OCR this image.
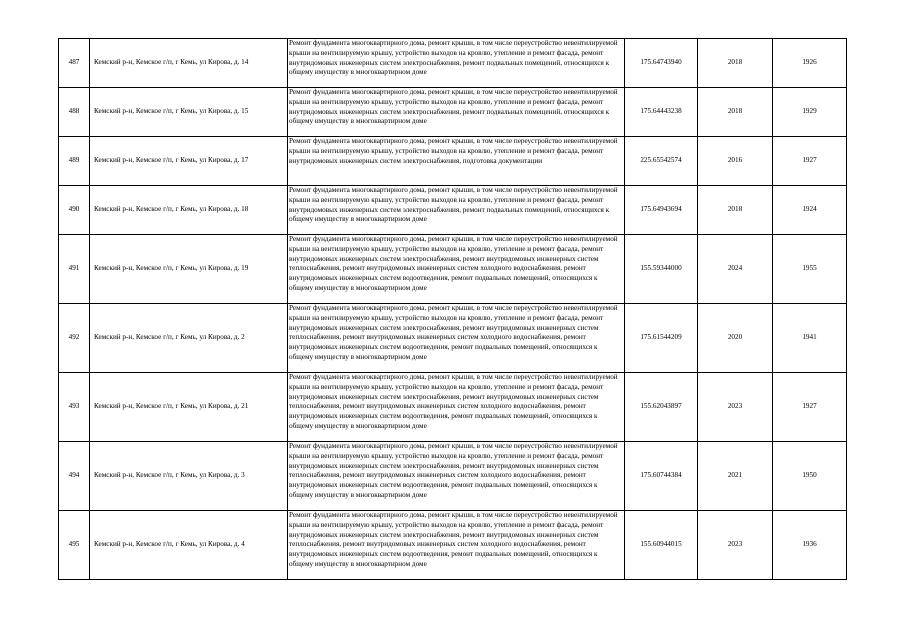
487	Кемский р-н, Кемское г/п, г Кемь, ул Кирова, д. 14	Ремонт фундамента многоквартирного дома, ремонт крыши, в том числе переустройство невентилируемой крыши на вентилируемую крышу, устройство выходов на кровлю, утепление и ремонт фасада, ремонт внутридомовых инженерных систем электроснабжения, ремонт подвальных помещений, относящихся к общему имуществу в многоквартирном доме	175.64743940	2018	1926
488	Кемский р-н, Кемское г/п, г Кемь, ул Кирова, д. 15	Ремонт фундамента многоквартирного дома, ремонт крыши, в том числе переустройство невентилируемой крыши на вентилируемую крышу, устройство выходов на кровлю, утепление и ремонт фасада, ремонт внутридомовых инженерных систем электроснабжения, ремонт подвальных помещений, относящихся к общему имуществу в многоквартирном доме	175.64443238	2018	1929
489	Кемский р-н, Кемское г/п, г Кемь, ул Кирова, д. 17	Ремонт фундамента многоквартирного дома, ремонт крыши, в том числе переустройство невентилируемой крыши на вентилируемую крышу, устройство выходов на кровлю, утепление и ремонт фасада, ремонт внутридомовых инженерных систем электроснабжения, подготовка документации	225.65542574	2016	1927
490	Кемский р-н, Кемское г/п, г Кемь, ул Кирова, д. 18	Ремонт фундамента многоквартирного дома, ремонт крыши, в том числе переустройство невентилируемой крыши на вентилируемую крышу, устройство выходов на кровлю, утепление и ремонт фасада, ремонт внутридомовых инженерных систем электроснабжения, ремонт подвальных помещений, относящихся к общему имуществу в многоквартирном доме	175.64943694	2018	1924
491	Кемский р-н, Кемское г/п, г Кемь, ул Кирова, д. 19	Ремонт фундамента многоквартирного дома, ремонт крыши, в том числе переустройство невентилируемой крыши на вентилируемую крышу, устройство выходов на кровлю, утепление и ремонт фасада, ремонт внутридомовых инженерных систем электроснабжения, ремонт внутридомовых инженерных систем теплоснабжения, ремонт внутридомовых инженерных систем холодного водоснабжения, ремонт внутридомовых инженерных систем водоотведения, ремонт подвальных помещений, относящихся к общему имуществу в многоквартирном доме	155.59344000	2024	1955
492	Кемский р-н, Кемское г/п, г Кемь, ул Кирова, д. 2	Ремонт фундамента многоквартирного дома, ремонт крыши, в том числе переустройство невентилируемой крыши на вентилируемую крышу, устройство выходов на кровлю, утепление и ремонт фасада, ремонт внутридомовых инженерных систем электроснабжения, ремонт внутридомовых инженерных систем теплоснабжения, ремонт внутридомовых инженерных систем холодного водоснабжения, ремонт внутридомовых инженерных систем водоотведения, ремонт подвальных помещений, относящихся к общему имуществу в многоквартирном доме	175.61544209	2020	1941
493	Кемский р-н, Кемское г/п, г Кемь, ул Кирова, д. 21	Ремонт фундамента многоквартирного дома, ремонт крыши, в том числе переустройство невентилируемой крыши на вентилируемую крышу, устройство выходов на кровлю, утепление и ремонт фасада, ремонт внутридомовых инженерных систем электроснабжения, ремонт внутридомовых инженерных систем теплоснабжения, ремонт внутридомовых инженерных систем холодного водоснабжения, ремонт внутридомовых инженерных систем водоотведения, ремонт подвальных помещений, относящихся к общему имуществу в многоквартирном доме	155.62043897	2023	1927
494	Кемский р-н, Кемское г/п, г Кемь, ул Кирова, д. 3	Ремонт фундамента многоквартирного дома, ремонт крыши, в том числе переустройство невентилируемой крыши на вентилируемую крышу, устройство выходов на кровлю, утепление и ремонт фасада, ремонт внутридомовых инженерных систем электроснабжения, ремонт внутридомовых инженерных систем теплоснабжения, ремонт внутридомовых инженерных систем холодного водоснабжения, ремонт внутридомовых инженерных систем водоотведения, ремонт подвальных помещений, относящихся к общему имуществу в многоквартирном доме	175.60744384	2021	1950
495	Кемский р-н, Кемское г/п, г Кемь, ул Кирова, д. 4	Ремонт фундамента многоквартирного дома, ремонт крыши, в том числе переустройство невентилируемой крыши на вентилируемую крышу, устройство выходов на кровлю, утепление и ремонт фасада, ремонт внутридомовых инженерных систем электроснабжения, ремонт внутридомовых инженерных систем теплоснабжения, ремонт внутридомовых инженерных систем холодного водоснабжения, ремонт внутридомовых инженерных систем водоотведения, ремонт подвальных помещений, относящихся к общему имуществу в многоквартирном доме	155.60944015	2023	1936
